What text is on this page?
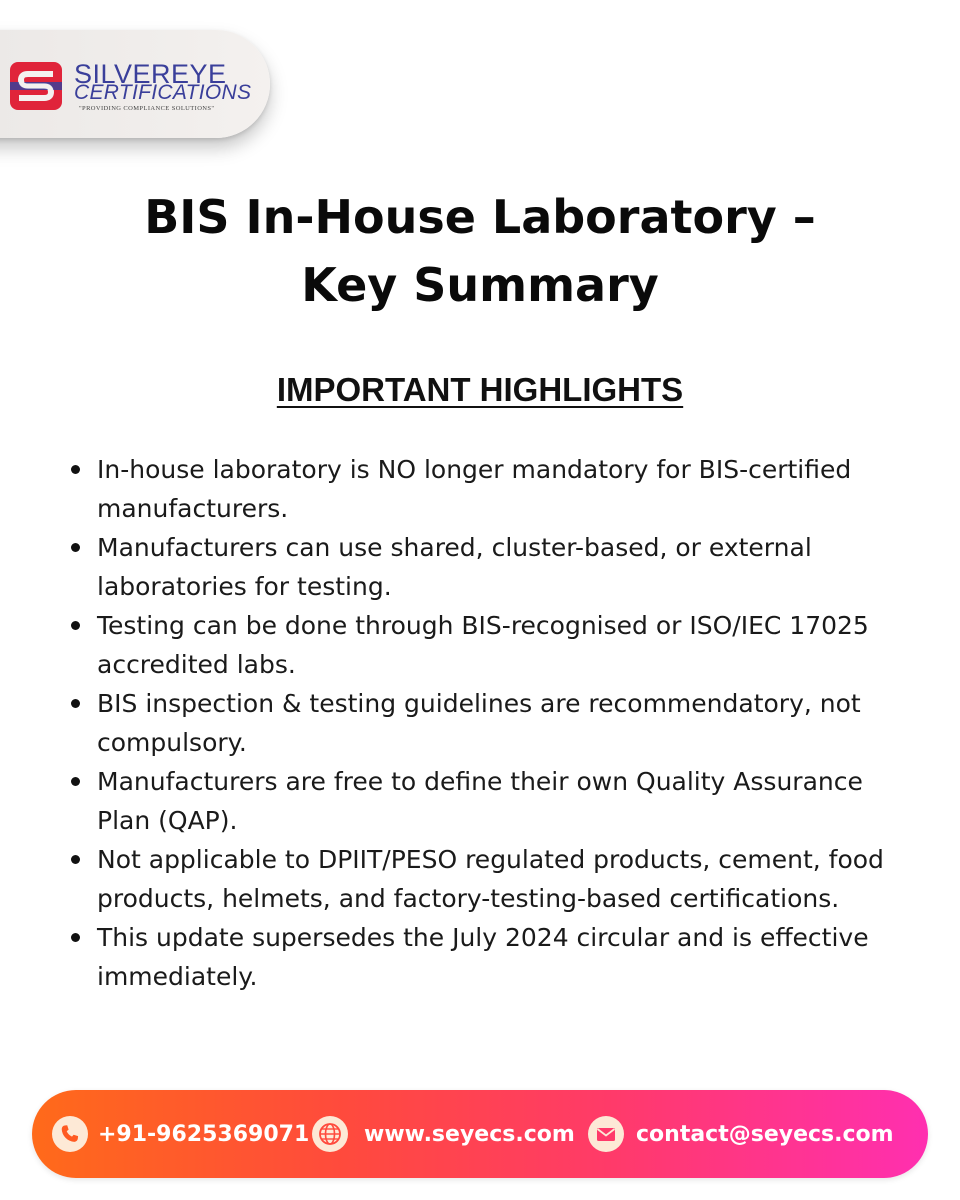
SILVEREYE
CERTIFICATIONS
"PROVIDING COMPLIANCE SOLUTIONS"
BIS In-House Laboratory –
Key Summary
IMPORTANT HIGHLIGHTS
In-house laboratory is NO longer mandatory for BIS-certified manufacturers.
Manufacturers can use shared, cluster-based, or external laboratories for testing.
Testing can be done through BIS-recognised or ISO/IEC 17025 accredited labs.
BIS inspection & testing guidelines are recommendatory, not compulsory.
Manufacturers are free to define their own Quality Assurance Plan (QAP).
Not applicable to DPIIT/PESO regulated products, cement, food products, helmets, and factory-testing-based certifications.
This update supersedes the July 2024 circular and is effective immediately.
+91-9625369071 www.seyecs.com	contact@seyecs.com
